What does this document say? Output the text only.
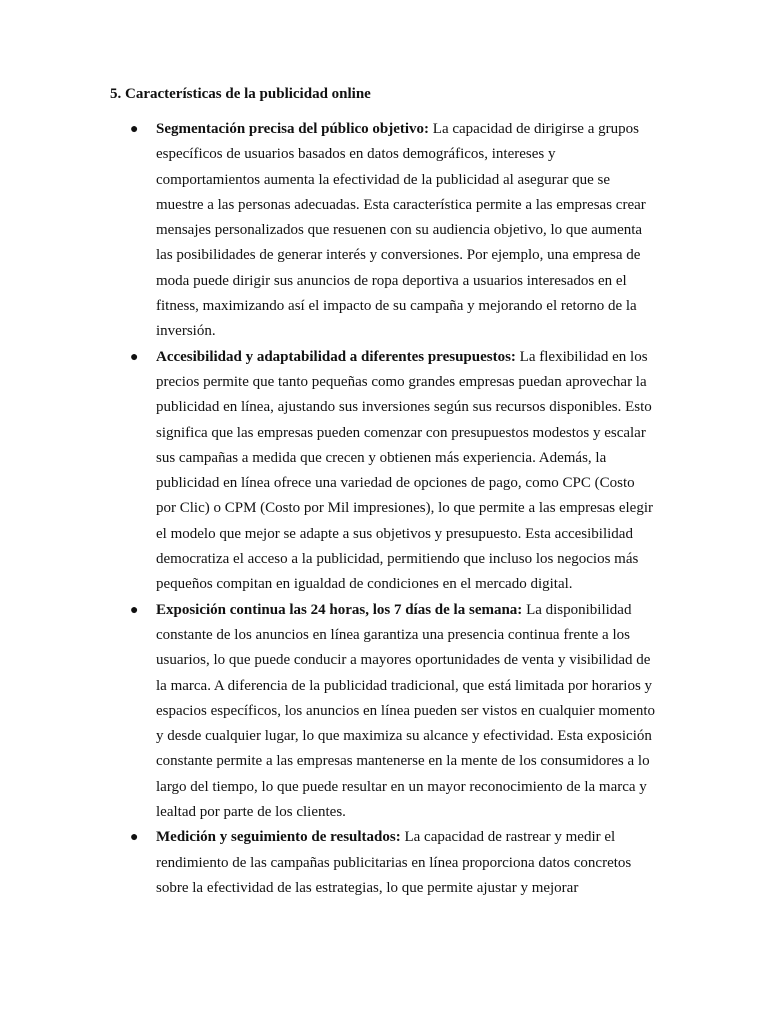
5. Características de la publicidad online
● Segmentación precisa del público objetivo: La capacidad de dirigirse a grupos específicos de usuarios basados en datos demográficos, intereses y comportamientos aumenta la efectividad de la publicidad al asegurar que se muestre a las personas adecuadas. Esta característica permite a las empresas crear mensajes personalizados que resuenen con su audiencia objetivo, lo que aumenta las posibilidades de generar interés y conversiones. Por ejemplo, una empresa de moda puede dirigir sus anuncios de ropa deportiva a usuarios interesados en el fitness, maximizando así el impacto de su campaña y mejorando el retorno de la inversión.
● Accesibilidad y adaptabilidad a diferentes presupuestos: La flexibilidad en los precios permite que tanto pequeñas como grandes empresas puedan aprovechar la publicidad en línea, ajustando sus inversiones según sus recursos disponibles. Esto significa que las empresas pueden comenzar con presupuestos modestos y escalar sus campañas a medida que crecen y obtienen más experiencia. Además, la publicidad en línea ofrece una variedad de opciones de pago, como CPC (Costo por Clic) o CPM (Costo por Mil impresiones), lo que permite a las empresas elegir el modelo que mejor se adapte a sus objetivos y presupuesto. Esta accesibilidad democratiza el acceso a la publicidad, permitiendo que incluso los negocios más pequeños compitan en igualdad de condiciones en el mercado digital.
● Exposición continua las 24 horas, los 7 días de la semana: La disponibilidad constante de los anuncios en línea garantiza una presencia continua frente a los usuarios, lo que puede conducir a mayores oportunidades de venta y visibilidad de la marca. A diferencia de la publicidad tradicional, que está limitada por horarios y espacios específicos, los anuncios en línea pueden ser vistos en cualquier momento y desde cualquier lugar, lo que maximiza su alcance y efectividad. Esta exposición constante permite a las empresas mantenerse en la mente de los consumidores a lo largo del tiempo, lo que puede resultar en un mayor reconocimiento de la marca y lealtad por parte de los clientes.
● Medición y seguimiento de resultados: La capacidad de rastrear y medir el rendimiento de las campañas publicitarias en línea proporciona datos concretos sobre la efectividad de las estrategias, lo que permite ajustar y mejorar
